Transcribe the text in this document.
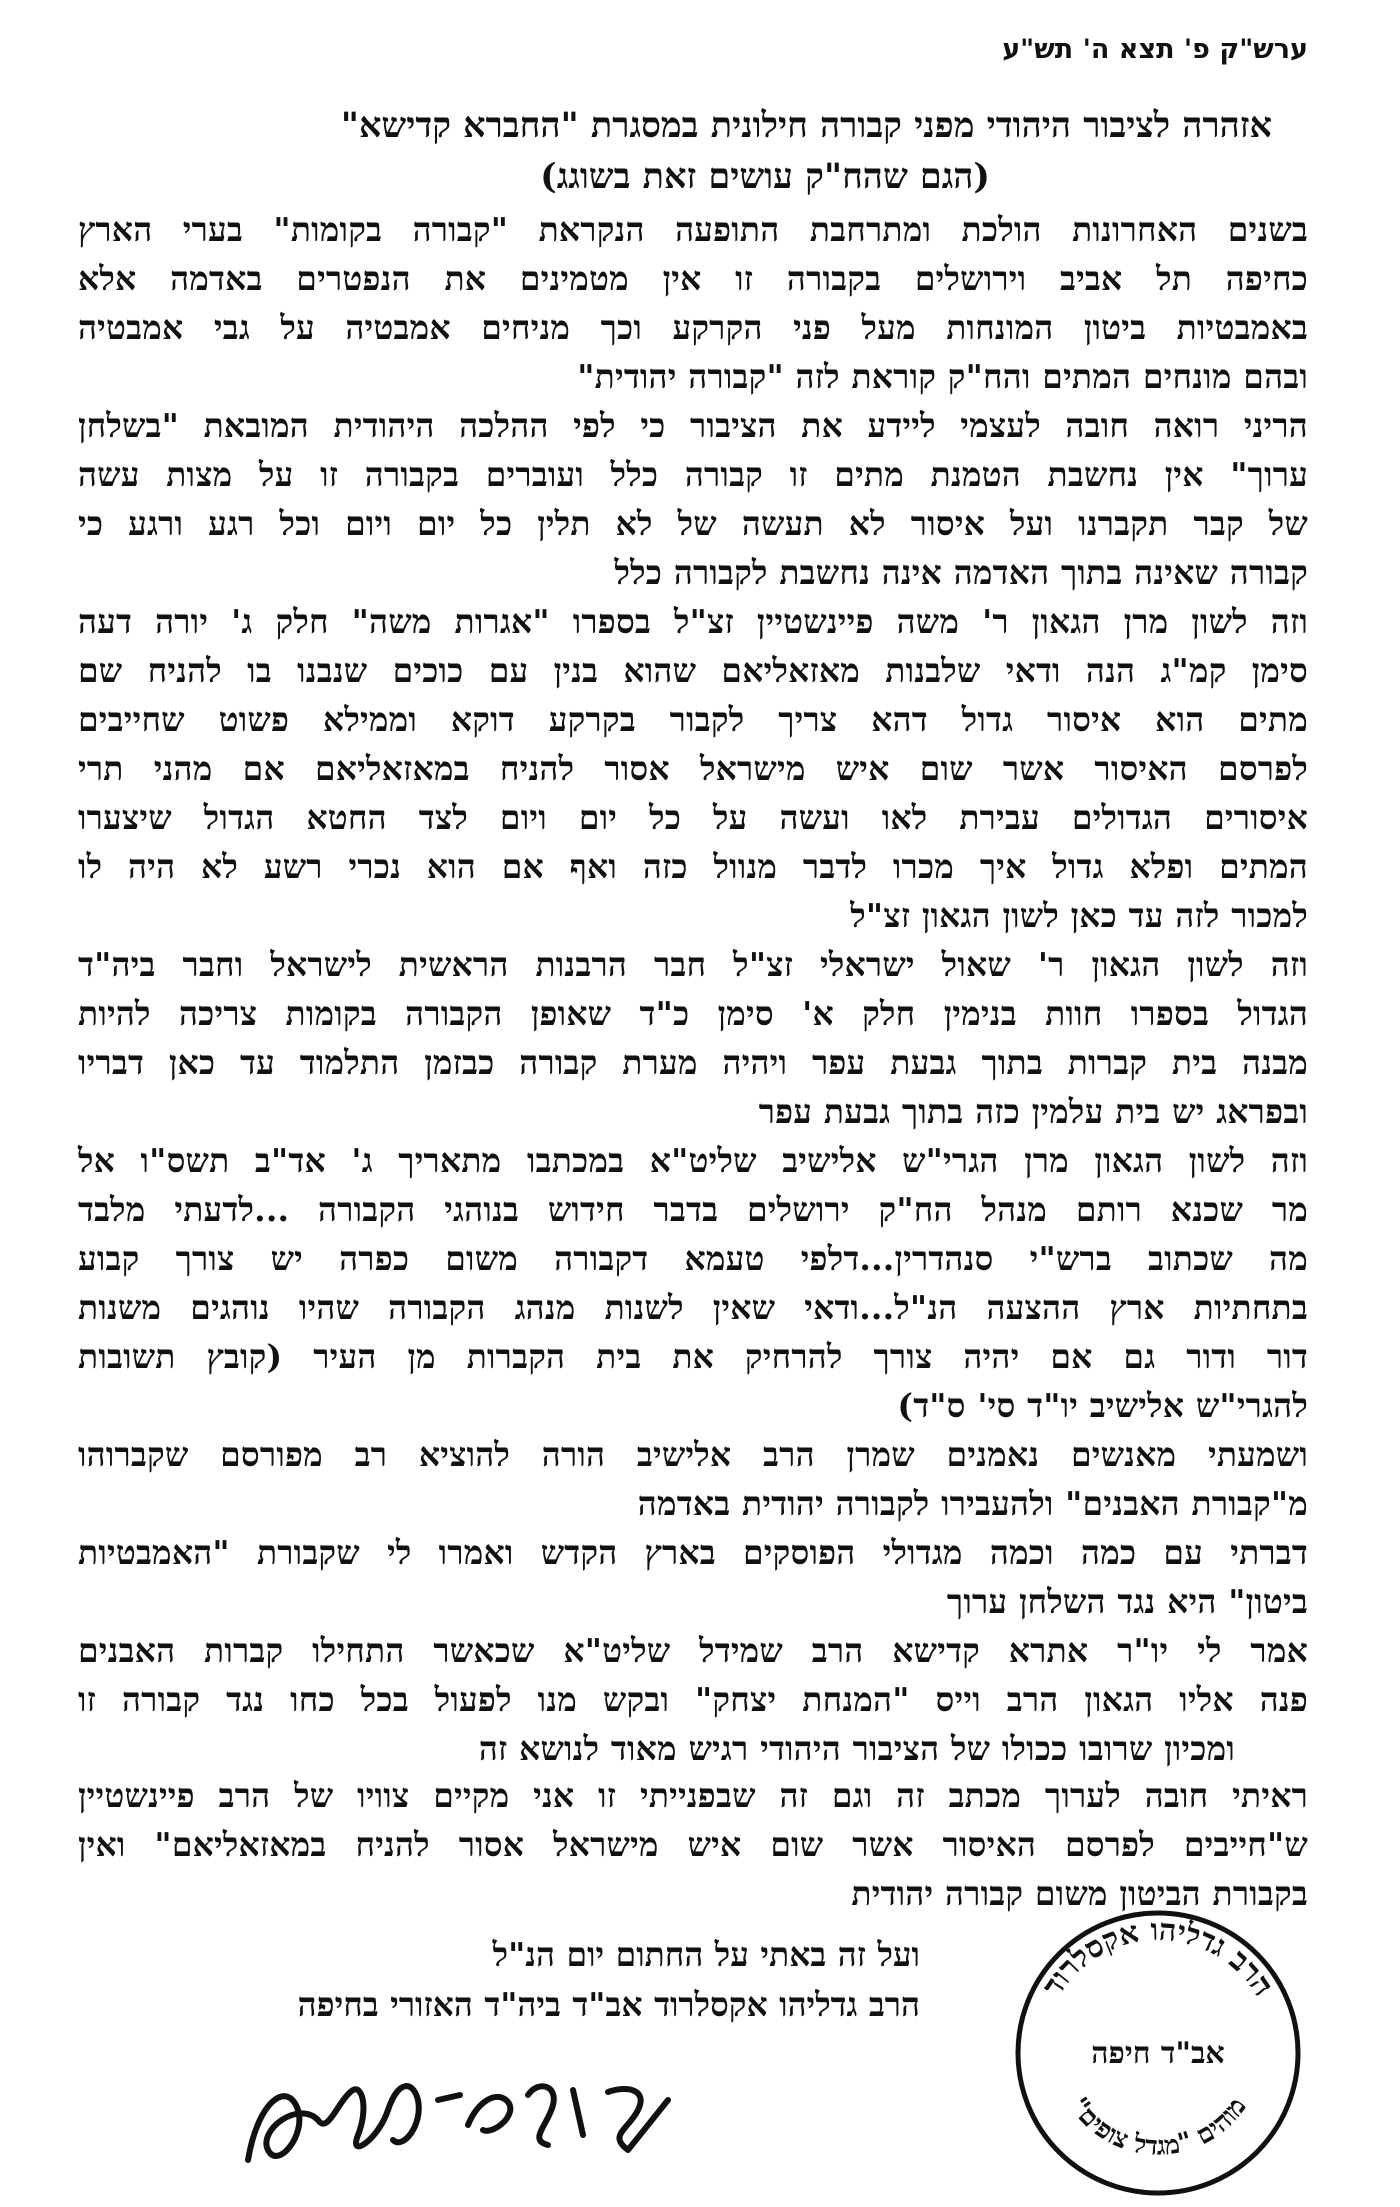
ערש"ק פ' תצא ה' תש"ע
אזהרה לציבור היהודי מפני קבורה חילונית במסגרת "החברא קדישא"
(הגם שהח"ק עושים זאת בשוגג)
בשנים האחרונות הולכת ומתרחבת התופעה הנקראת "קבורה בקומות" בערי הארץ
כחיפה תל אביב וירושלים בקבורה זו אין מטמינים את הנפטרים באדמה אלא
באמבטיות ביטון המונחות מעל פני הקרקע וכך מניחים אמבטיה על גבי אמבטיה
ובהם מונחים המתים והח"ק קוראת לזה "קבורה יהודית"
הריני רואה חובה לעצמי ליידע את הציבור כי לפי ההלכה היהודית המובאת "בשלחן
ערוך" אין נחשבת הטמנת מתים זו קבורה כלל ועוברים בקבורה זו על מצות עשה
של קבר תקברנו ועל איסור לא תעשה של לא תלין כל יום ויום וכל רגע ורגע כי
קבורה שאינה בתוך האדמה אינה נחשבת לקבורה כלל
וזה לשון מרן הגאון ר' משה פיינשטיין זצ"ל בספרו "אגרות משה" חלק ג' יורה דעה
סימן קמ"ג הנה ודאי שלבנות מאזאליאם שהוא בנין עם כוכים שנבנו בו להניח שם
מתים הוא איסור גדול דהא צריך לקבור בקרקע דוקא וממילא פשוט שחייבים
לפרסם האיסור אשר שום איש מישראל אסור להניח במאזאליאם אם מהני תרי
איסורים הגדולים עבירת לאו ועשה על כל יום ויום לצד החטא הגדול שיצערו
המתים ופלא גדול איך מכרו לדבר מנוול כזה ואף אם הוא נכרי רשע לא היה לו
למכור לזה עד כאן לשון הגאון זצ"ל
וזה לשון הגאון ר' שאול ישראלי זצ"ל חבר הרבנות הראשית לישראל וחבר ביה"ד
הגדול בספרו חוות בנימין חלק א' סימן כ"ד שאופן הקבורה בקומות צריכה להיות
מבנה בית קברות בתוך גבעת עפר ויהיה מערת קבורה כבזמן התלמוד עד כאן דבריו
ובפראג יש בית עלמין כזה בתוך גבעת עפר
וזה לשון הגאון מרן הגרי"ש אלישיב שליט"א במכתבו מתאריך ג' אד"ב תשס"ו אל
מר שכנא רותם מנהל הח"ק ירושלים בדבר חידוש בנוהגי הקבורה ...לדעתי מלבד
מה שכתוב ברש"י סנהדרין...דלפי טעמא דקבורה משום כפרה יש צורך קבוע
בתחתיות ארץ ההצעה הנ"ל...ודאי שאין לשנות מנהג הקבורה שהיו נוהגים משנות
דור ודור גם אם יהיה צורך להרחיק את בית הקברות מן העיר (קובץ תשובות
להגרי"ש אלישיב יו"ד סי' ס"ד)
ושמעתי מאנשים נאמנים שמרן הרב אלישיב הורה להוציא רב מפורסם שקברוהו
מ"קבורת האבנים" ולהעבירו לקבורה יהודית באדמה
דברתי עם כמה וכמה מגדולי הפוסקים בארץ הקדש ואמרו לי שקבורת "האמבטיות
ביטון" היא נגד השלחן ערוך
אמר לי יו"ר אתרא קדישא הרב שמידל שליט"א שכאשר התחילו קברות האבנים
פנה אליו הגאון הרב וייס "המנחת יצחק" ובקש מנו לפעול בכל כחו נגד קבורה זו
ומכיון שרובו ככולו של הציבור היהודי רגיש מאוד לנושא זה
ראיתי חובה לערוך מכתב זה וגם זה שבפנייתי זו אני מקיים צוויו של הרב פיינשטיין
ש"חייבים לפרסם האיסור אשר שום איש מישראל אסור להניח במאזאליאם" ואין
בקבורת הביטון משום קבורה יהודית
ועל זה באתי על החתום יום הנ"ל
הרב גדליהו אקסלרוד אב"ד ביה"ד האזורי בחיפה	הרב גדליהו אקסלרוד
אב"ד חיפה
מוהים "מגדל צופים"
